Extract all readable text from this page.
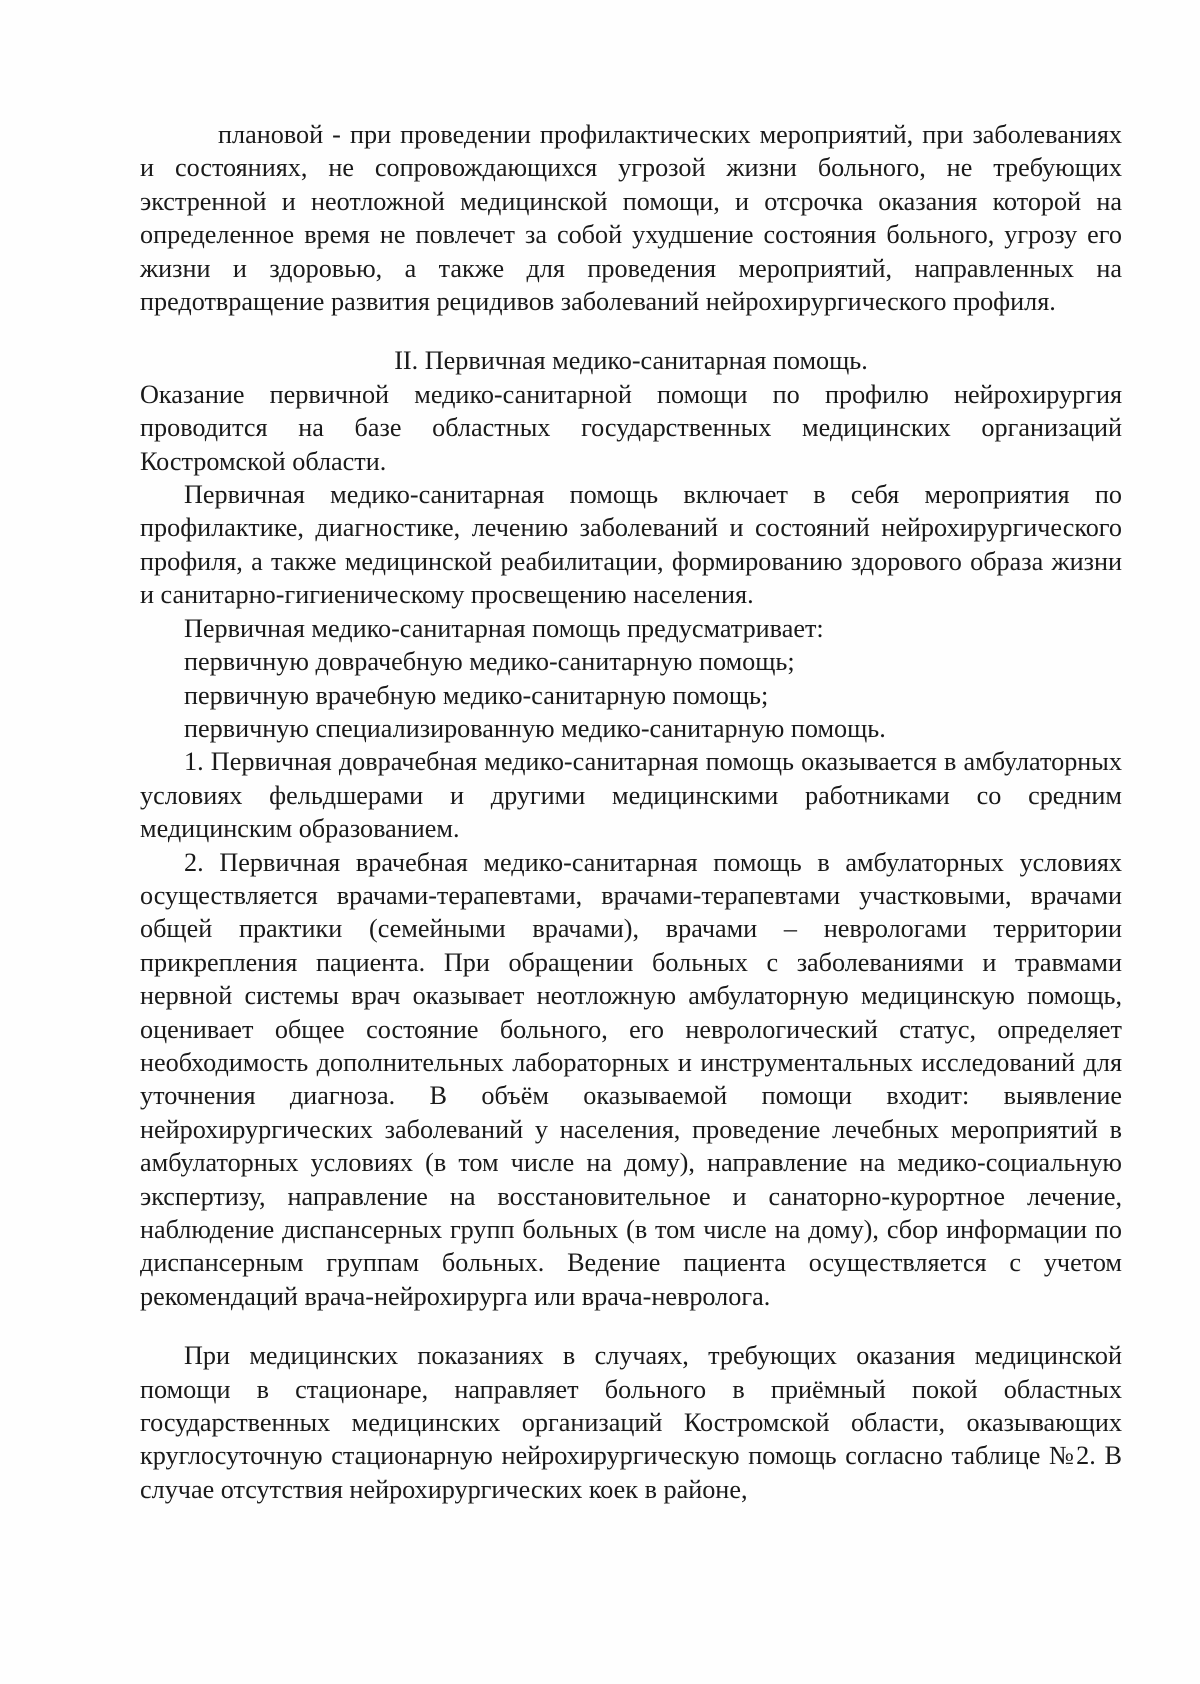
плановой - при проведении профилактических мероприятий, при заболеваниях и состояниях, не сопровождающихся угрозой жизни больного, не требующих экстренной и неотложной медицинской помощи, и отсрочка оказания которой на определенное время не повлечет за собой ухудшение состояния больного, угрозу его жизни и здоровью, а также для проведения мероприятий, направленных на предотвращение развития рецидивов заболеваний нейрохирургического профиля.

II. Первичная медико-санитарная помощь.

Оказание первичной медико-санитарной помощи по профилю нейрохирургия проводится на базе областных государственных медицинских организаций Костромской области.

Первичная медико-санитарная помощь включает в себя мероприятия по профилактике, диагностике, лечению заболеваний и состояний нейрохирургического профиля, а также медицинской реабилитации, формированию здорового образа жизни и санитарно-гигиеническому просвещению населения.

Первичная медико-санитарная помощь предусматривает:

первичную доврачебную медико-санитарную помощь;

первичную врачебную медико-санитарную помощь;

первичную специализированную медико-санитарную помощь.

1. Первичная доврачебная медико-санитарная помощь оказывается в амбулаторных условиях фельдшерами и другими медицинскими работниками со средним медицинским образованием.

2. Первичная врачебная медико-санитарная помощь в амбулаторных условиях осуществляется врачами-терапевтами, врачами-терапевтами участковыми, врачами общей практики (семейными врачами), врачами – неврологами территории прикрепления пациента. При обращении больных с заболеваниями и травмами нервной системы врач оказывает неотложную амбулаторную медицинскую помощь, оценивает общее состояние больного, его неврологический статус, определяет необходимость дополнительных лабораторных и инструментальных исследований для уточнения диагноза. В объём оказываемой помощи входит: выявление нейрохирургических заболеваний у населения, проведение лечебных мероприятий в амбулаторных условиях (в том числе на дому), направление на медико-социальную экспертизу, направление на восстановительное и санаторно-курортное лечение, наблюдение диспансерных групп больных (в том числе на дому), сбор информации по диспансерным группам больных. Ведение пациента осуществляется с учетом рекомендаций врача-нейрохирурга или врача-невролога.

При медицинских показаниях в случаях, требующих оказания медицинской помощи в стационаре, направляет больного в приёмный покой областных государственных медицинских организаций Костромской области, оказывающих круглосуточную стационарную нейрохирургическую помощь согласно таблице №2. В случае отсутствия нейрохирургических коек в районе,
